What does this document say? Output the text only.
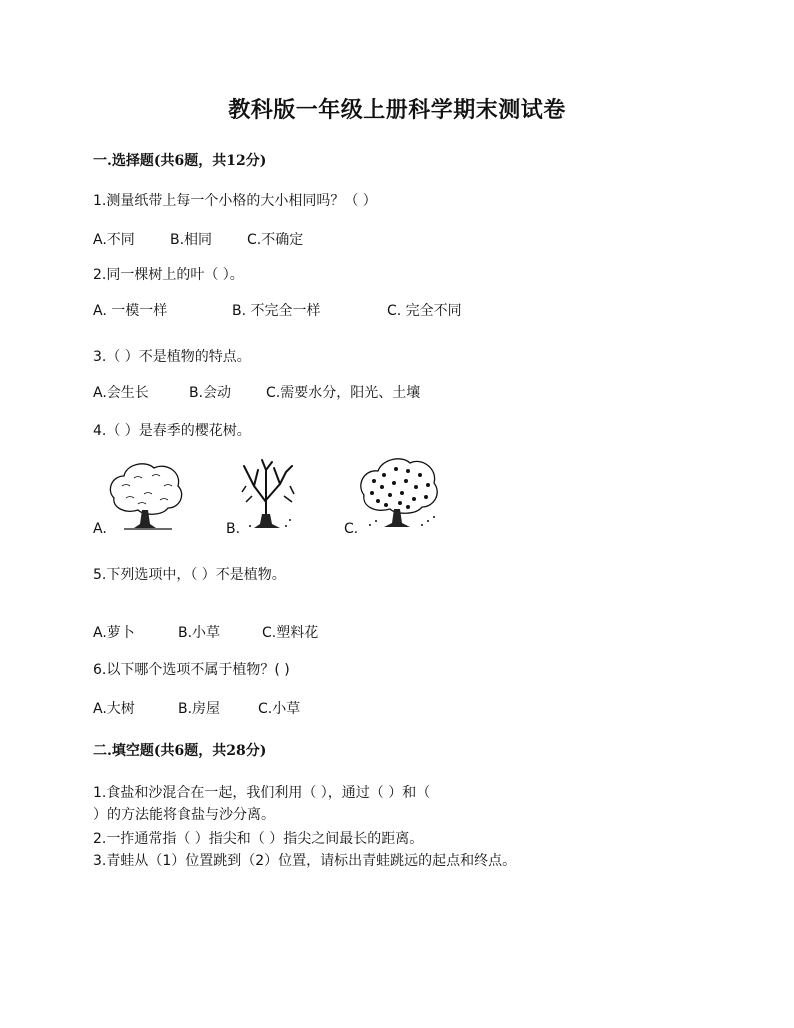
教科版一年级上册科学期末测试卷
一.选择题(共6题，共12分)
1.测量纸带上每一个小格的大小相同吗？（ ）
A.不同	B.相同 C.不确定
2.同一棵树上的叶（ ）。
A. 一模一样	B. 不完全一样	C. 完全不同
3.（ ）不是植物的特点。
A.会生长	B.会动 C.需要水分，阳光、土壤
4.（ ）是春季的樱花树。
A.	B.	C.
5.下列选项中，（ ）不是植物。
A.萝卜	B.小草	C.塑料花
6.以下哪个选项不属于植物？( )
A.大树	B.房屋	C.小草
二.填空题(共6题，共28分)
1.食盐和沙混合在一起，我们利用（ ），通过（ ）和（
）的方法能将食盐与沙分离。
2.一拃通常指（ ）指尖和（ ）指尖之间最长的距离。
3.青蛙从（1）位置跳到（2）位置，请标出青蛙跳远的起点和终点。
